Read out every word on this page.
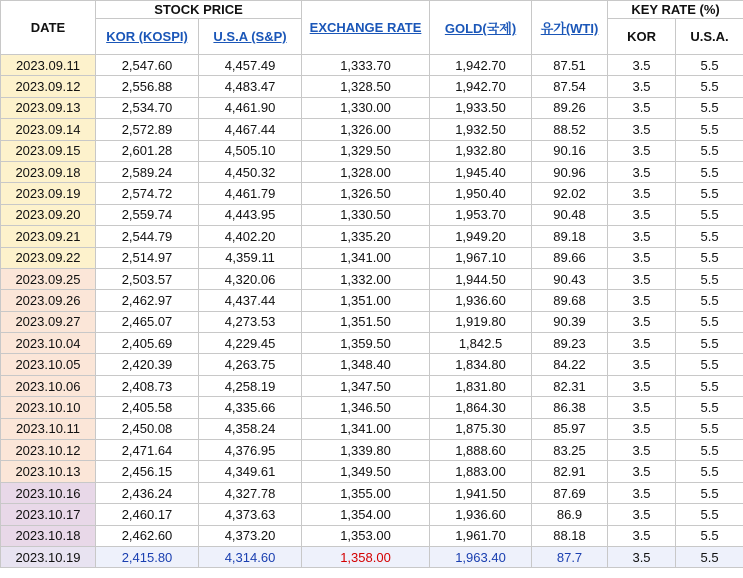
DATE	STOCK PRICE		EXCHANGE RATE	GOLD(국제)	유가(WTI)	KEY RATE (%)	
	KOR (KOSPI)	U.S.A (S&P)				KOR	U.S.A.
2023.09.11	2,547.60	4,457.49	1,333.70	1,942.70	87.51	3.5	5.5
2023.09.12	2,556.88	4,483.47	1,328.50	1,942.70	87.54	3.5	5.5
2023.09.13	2,534.70	4,461.90	1,330.00	1,933.50	89.26	3.5	5.5
2023.09.14	2,572.89	4,467.44	1,326.00	1,932.50	88.52	3.5	5.5
2023.09.15	2,601.28	4,505.10	1,329.50	1,932.80	90.16	3.5	5.5
2023.09.18	2,589.24	4,450.32	1,328.00	1,945.40	90.96	3.5	5.5
2023.09.19	2,574.72	4,461.79	1,326.50	1,950.40	92.02	3.5	5.5
2023.09.20	2,559.74	4,443.95	1,330.50	1,953.70	90.48	3.5	5.5
2023.09.21	2,544.79	4,402.20	1,335.20	1,949.20	89.18	3.5	5.5
2023.09.22	2,514.97	4,359.11	1,341.00	1,967.10	89.66	3.5	5.5
2023.09.25	2,503.57	4,320.06	1,332.00	1,944.50	90.43	3.5	5.5
2023.09.26	2,462.97	4,437.44	1,351.00	1,936.60	89.68	3.5	5.5
2023.09.27	2,465.07	4,273.53	1,351.50	1,919.80	90.39	3.5	5.5
2023.10.04	2,405.69	4,229.45	1,359.50	1,842.5	89.23	3.5	5.5
2023.10.05	2,420.39	4,263.75	1,348.40	1,834.80	84.22	3.5	5.5
2023.10.06	2,408.73	4,258.19	1,347.50	1,831.80	82.31	3.5	5.5
2023.10.10	2,405.58	4,335.66	1,346.50	1,864.30	86.38	3.5	5.5
2023.10.11	2,450.08	4,358.24	1,341.00	1,875.30	85.97	3.5	5.5
2023.10.12	2,471.64	4,376.95	1,339.80	1,888.60	83.25	3.5	5.5
2023.10.13	2,456.15	4,349.61	1,349.50	1,883.00	82.91	3.5	5.5
2023.10.16	2,436.24	4,327.78	1,355.00	1,941.50	87.69	3.5	5.5
2023.10.17	2,460.17	4,373.63	1,354.00	1,936.60	86.9	3.5	5.5
2023.10.18	2,462.60	4,373.20	1,353.00	1,961.70	88.18	3.5	5.5
2023.10.19	2,415.80	4,314.60	1,358.00	1,963.40	87.7	3.5	5.5
